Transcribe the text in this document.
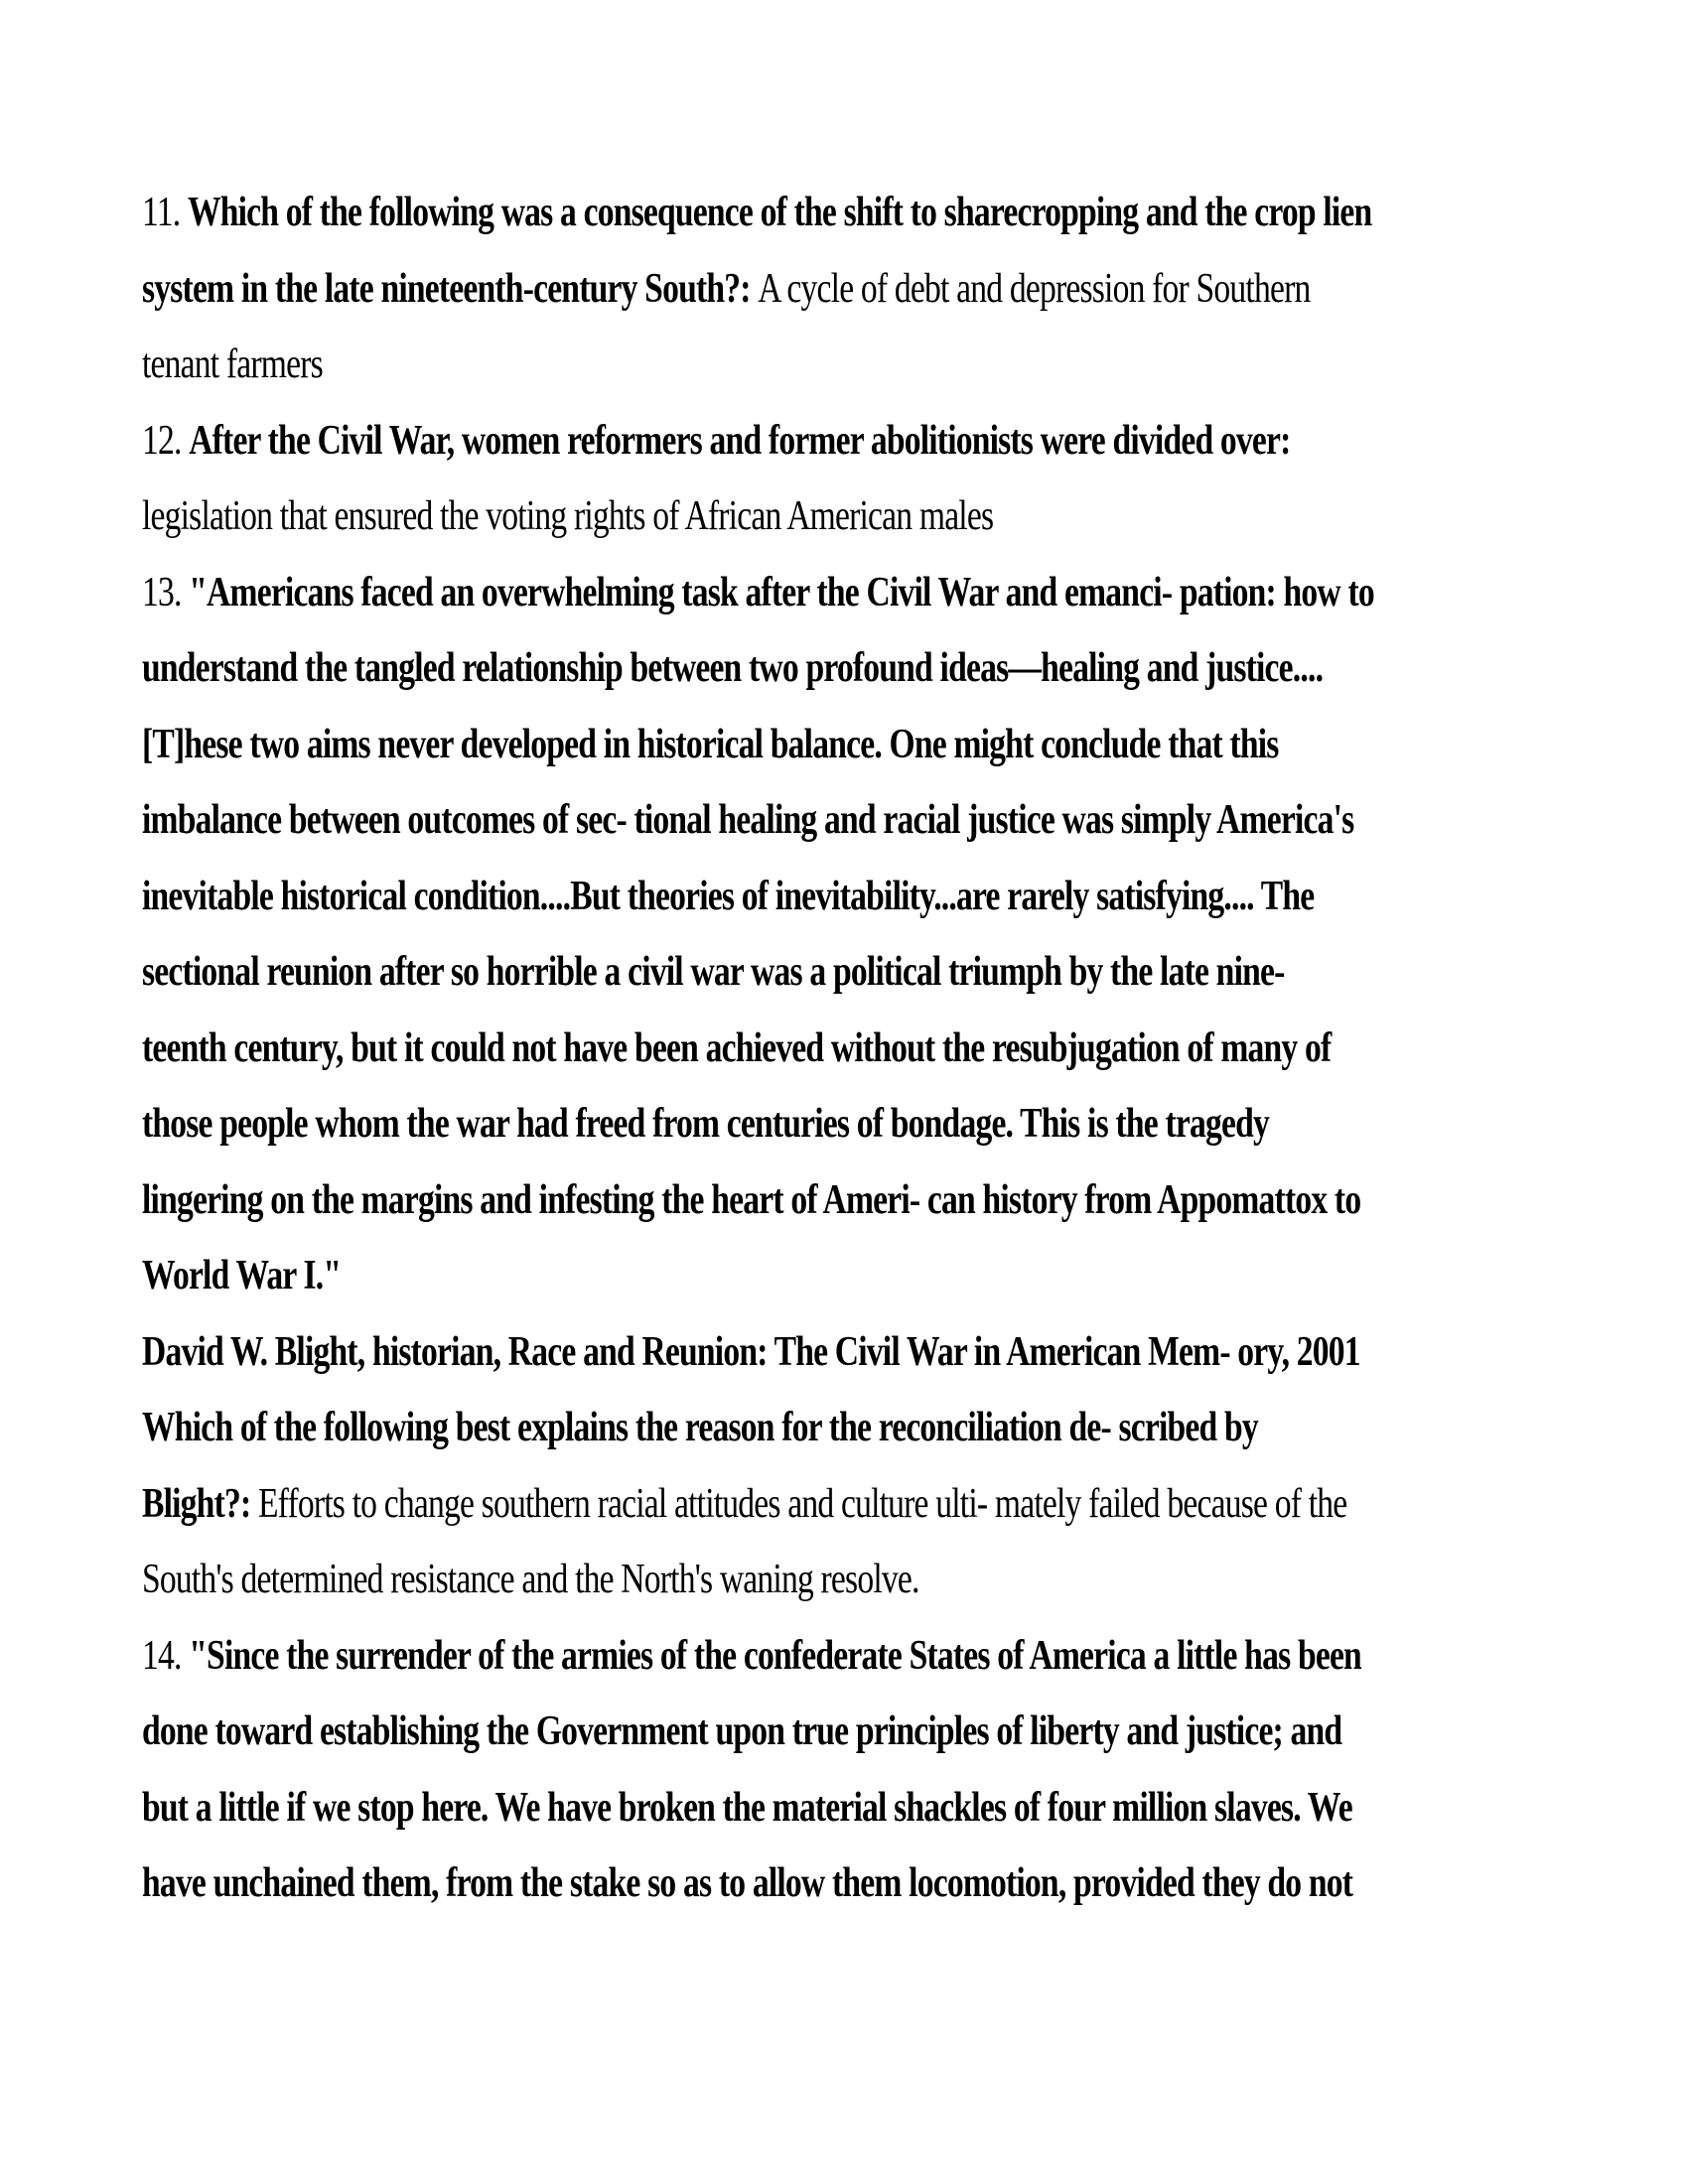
11. Which of the following was a consequence of the shift to sharecropping and the crop lien
system in the late nineteenth-century South?: A cycle of debt and depression for Southern
tenant farmers
12. After the Civil War, women reformers and former abolitionists were divided over:
legislation that ensured the voting rights of African American males
13. "Americans faced an overwhelming task after the Civil War and emanci- pation: how to
understand the tangled relationship between two profound ideas—healing and justice....
[T]hese two aims never developed in historical balance. One might conclude that this
imbalance between outcomes of sec- tional healing and racial justice was simply America's
inevitable historical condition....But theories of inevitability...are rarely satisfying.... The
sectional reunion after so horrible a civil war was a political triumph by the late nine-
teenth century, but it could not have been achieved without the resubjugation of many of
those people whom the war had freed from centuries of bondage. This is the tragedy
lingering on the margins and infesting the heart of Ameri- can history from Appomattox to
World War I."
David W. Blight, historian, Race and Reunion: The Civil War in American Mem- ory, 2001
Which of the following best explains the reason for the reconciliation de- scribed by
Blight?: Efforts to change southern racial attitudes and culture ulti- mately failed because of the
South's determined resistance and the North's waning resolve.
14. "Since the surrender of the armies of the confederate States of America a little has been
done toward establishing the Government upon true principles of liberty and justice; and
but a little if we stop here. We have broken the material shackles of four million slaves. We
have unchained them, from the stake so as to allow them locomotion, provided they do not
